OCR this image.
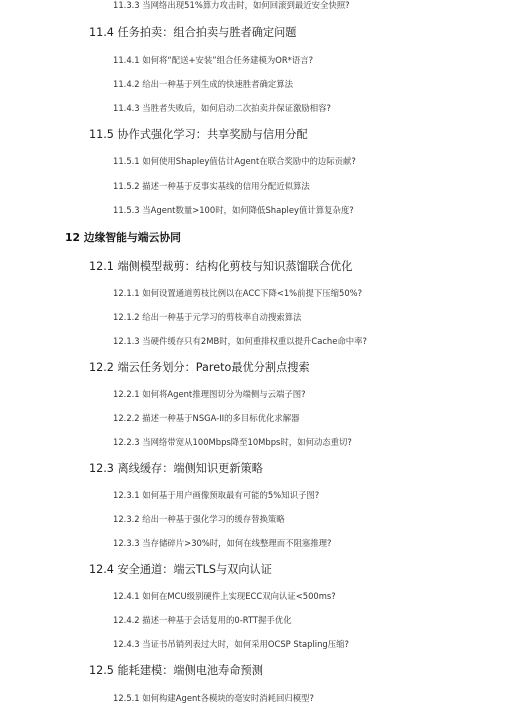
11.3.3 当网络出现51%算力攻击时，如何回滚到最近安全快照?
11.4 任务拍卖：组合拍卖与胜者确定问题
11.4.1 如何将“配送+安装”组合任务建模为OR*语言?
11.4.2 给出一种基于列生成的快速胜者确定算法
11.4.3 当胜者失败后，如何启动二次拍卖并保证激励相容?
11.5 协作式强化学习：共享奖励与信用分配
11.5.1 如何使用Shapley值估计Agent在联合奖励中的边际贡献?
11.5.2 描述一种基于反事实基线的信用分配近似算法
11.5.3 当Agent数量>100时，如何降低Shapley值计算复杂度?
12 边缘智能与端云协同
12.1 端侧模型裁剪：结构化剪枝与知识蒸馏联合优化
12.1.1 如何设置通道剪枝比例以在ACC下降<1%前提下压缩50%?
12.1.2 给出一种基于元学习的剪枝率自动搜索算法
12.1.3 当硬件缓存只有2MB时，如何重排权重以提升Cache命中率?
12.2 端云任务划分：Pareto最优分割点搜索
12.2.1 如何将Agent推理图切分为端侧与云端子图?
12.2.2 描述一种基于NSGA-II的多目标优化求解器
12.2.3 当网络带宽从100Mbps降至10Mbps时，如何动态重切?
12.3 离线缓存：端侧知识更新策略
12.3.1 如何基于用户画像预取最有可能的5%知识子图?
12.3.2 给出一种基于强化学习的缓存替换策略
12.3.3 当存储碎片>30%时，如何在线整理而不阻塞推理?
12.4 安全通道：端云TLS与双向认证
12.4.1 如何在MCU级别硬件上实现ECC双向认证<500ms?
12.4.2 描述一种基于会话复用的0-RTT握手优化
12.4.3 当证书吊销列表过大时，如何采用OCSP Stapling压缩?
12.5 能耗建模：端侧电池寿命预测
12.5.1 如何构建Agent各模块的毫安时消耗回归模型?
